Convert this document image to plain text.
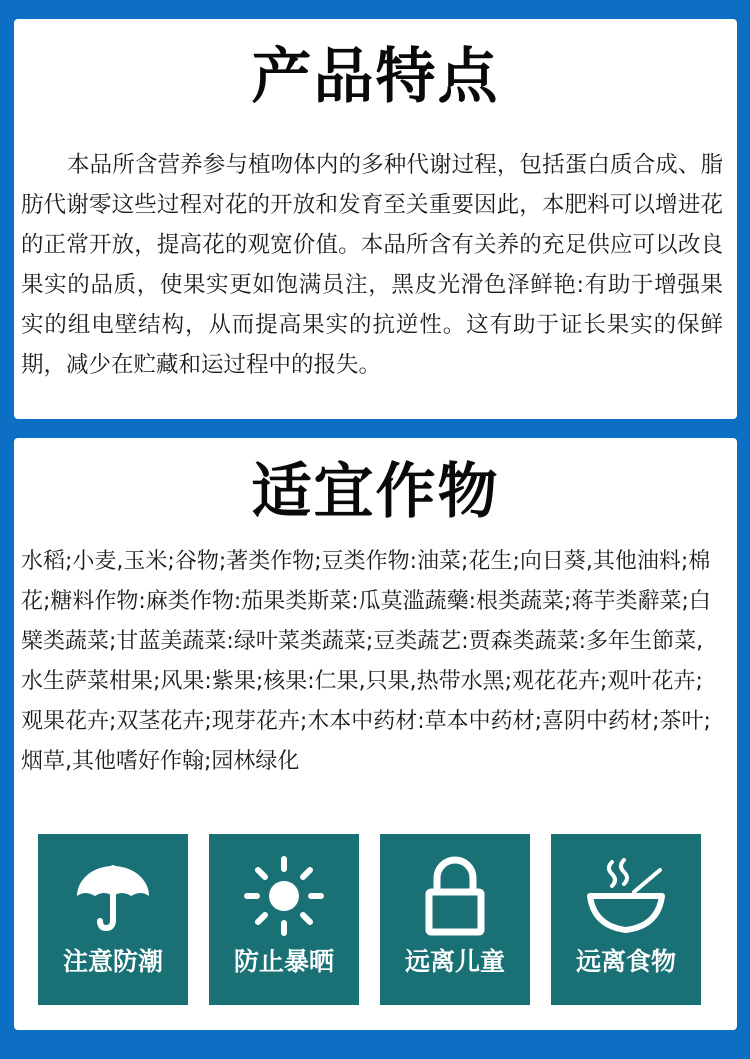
产品特点
本品所含营养参与植吻体内的多种代谢过程，包括蛋白质合成、脂肪代谢零这些过程对花的开放和发育至关重要因此，本肥料可以增进花的正常开放，提高花的观宽价值。本品所含有关养的充足供应可以改良果实的品质，使果实更如饱满员注，黑皮光滑色泽鲜艳:有助于增强果实的组电壁结构，从而提高果实的抗逆性。这有助于证长果实的保鲜期，减少在贮藏和运过程中的报失。
适宜作物
水稻;小麦,玉米;谷物;著类作物;豆类作物:油菜;花生;向日葵,其他油料;棉花;糖料作物:麻类作物:茄果类斯菜:瓜莫滥蔬藥:根类蔬菜;蒋芋类辭菜;白檗类蔬菜;甘蓝美蔬菜:绿叶菜类蔬菜;豆类蔬艺:贾森类蔬菜:多年生節菜,水生萨菜柑果;风果:紫果;核果:仁果,只果,热带水黑;观花花卉;观叶花卉;观果花卉;双茎花卉;现芽花卉;木本中药材:草本中药材;喜阴中药材;茶叶;烟草,其他嗜好作翰;园林绿化
注意防潮	防止暴晒	远离儿童	远离食物
